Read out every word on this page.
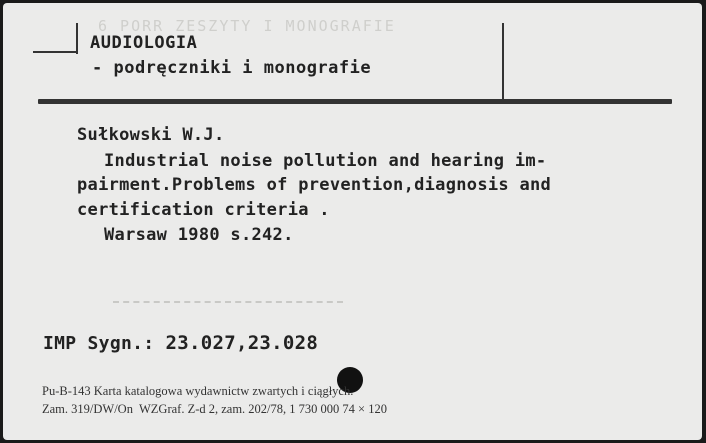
6 PORR ZESZYTY I MONOGRAFIE
AUDIOLOGIA
- podręczniki i monografie
Sułkowski W.J.
Industrial noise pollution and hearing im-
pairment.Problems of prevention,diagnosis and
certification criteria .
Warsaw 1980 s.242.
IMP Sygn.: 23.027,23.028
Pu-B-143 Karta katalogowa wydawnictw zwartych i ciągłych.
Zam. 319/DW/On  WZGraf. Z-d 2, zam. 202/78, 1 730 000 74 × 120
